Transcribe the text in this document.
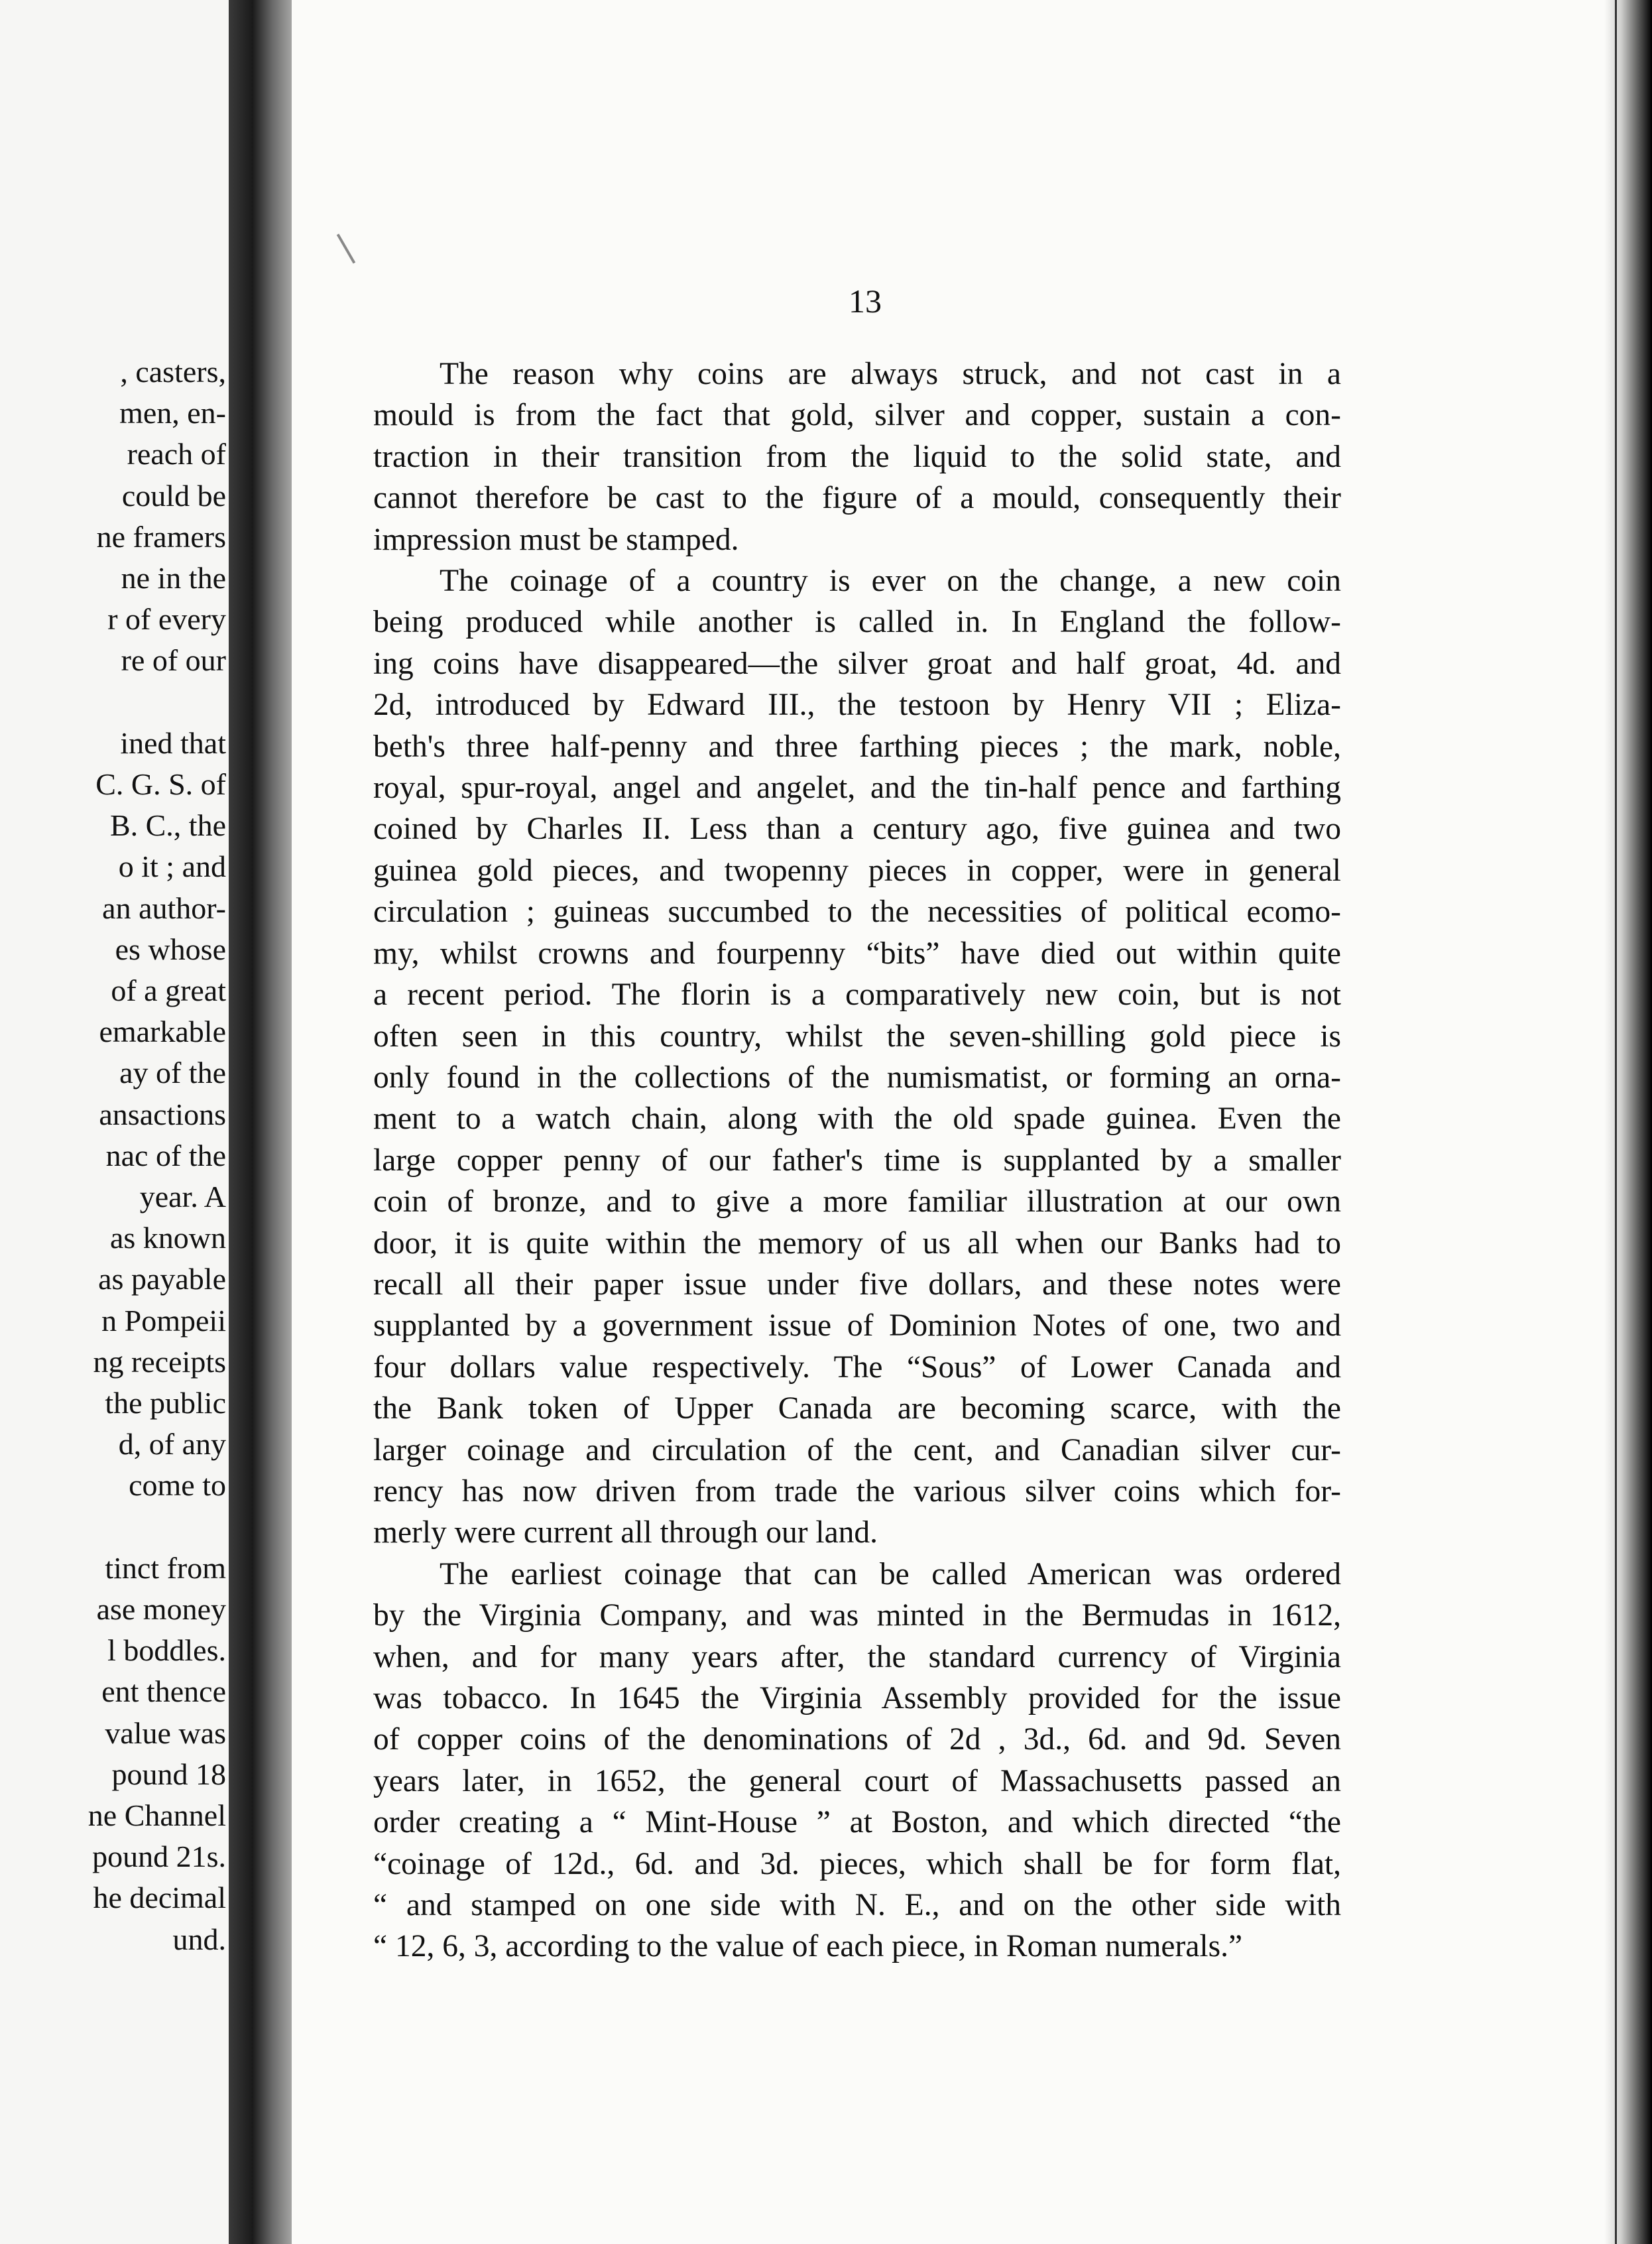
, casters,
men, en-
reach of
could be
ne framers
ne in the
r of every
re of our
ined that
C. G. S. of
B. C., the
o it ; and
an author-
es whose
of a great
emarkable
ay of the
ansactions
nac of the
year. A
as known
as payable
n Pompeii
ng receipts
the public
d, of any
come to
tinct from
ase money
l boddles.
ent thence
value was
pound 18
ne Channel
pound 21s.
he decimal
und.
13
The reason why coins are always struck, and not cast in a
mould is from the fact that gold, silver and copper, sustain a con-
traction in their transition from the liquid to the solid state, and
cannot therefore be cast to the figure of a mould, consequently their
impression must be stamped.
The coinage of a country is ever on the change, a new coin
being produced while another is called in. In England the follow-
ing coins have disappeared—the silver groat and half groat, 4d. and
2d, introduced by Edward III., the testoon by Henry VII ; Eliza-
beth's three half-penny and three farthing pieces ; the mark, noble,
royal, spur-royal, angel and angelet, and the tin-half pence and farthing
coined by Charles II. Less than a century ago, five guinea and two
guinea gold pieces, and twopenny pieces in copper, were in general
circulation ; guineas succumbed to the necessities of political ecomo-
my, whilst crowns and fourpenny “bits” have died out within quite
a recent period. The florin is a comparatively new coin, but is not
often seen in this country, whilst the seven-shilling gold piece is
only found in the collections of the numismatist, or forming an orna-
ment to a watch chain, along with the old spade guinea. Even the
large copper penny of our father's time is supplanted by a smaller
coin of bronze, and to give a more familiar illustration at our own
door, it is quite within the memory of us all when our Banks had to
recall all their paper issue under five dollars, and these notes were
supplanted by a government issue of Dominion Notes of one, two and
four dollars value respectively. The “Sous” of Lower Canada and
the Bank token of Upper Canada are becoming scarce, with the
larger coinage and circulation of the cent, and Canadian silver cur-
rency has now driven from trade the various silver coins which for-
merly were current all through our land.
The earliest coinage that can be called American was ordered
by the Virginia Company, and was minted in the Bermudas in 1612,
when, and for many years after, the standard currency of Virginia
was tobacco. In 1645 the Virginia Assembly provided for the issue
of copper coins of the denominations of 2d , 3d., 6d. and 9d. Seven
years later, in 1652, the general court of Massachusetts passed an
order creating a “ Mint-House ” at Boston, and which directed “the
“coinage of 12d., 6d. and 3d. pieces, which shall be for form flat,
“ and stamped on one side with N. E., and on the other side with
“ 12, 6, 3, according to the value of each piece, in Roman numerals.”
